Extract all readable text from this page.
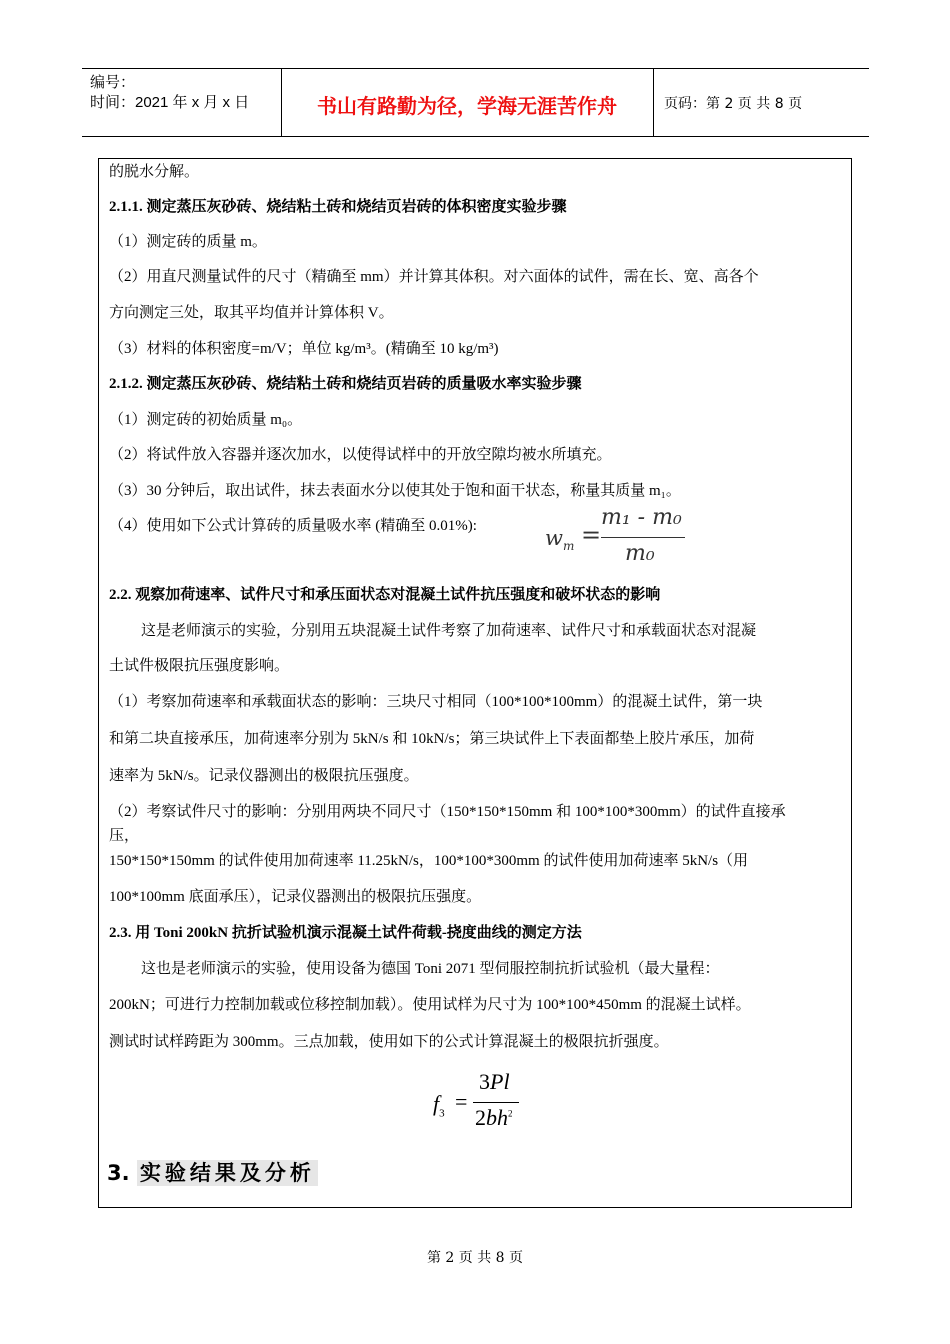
编号：
时间：2021 年 x 月 x 日	书山有路勤为径，学海无涯苦作舟	页码：第 2 页 共 8 页
的脱水分解。
2.1.1. 测定蒸压灰砂砖、烧结粘土砖和烧结页岩砖的体积密度实验步骤
（1）测定砖的质量 m。
（2）用直尺测量试件的尺寸（精确至 mm）并计算其体积。对六面体的试件，需在长、宽、高各个
方向测定三处，取其平均值并计算体积 V。
（3）材料的体积密度=m/V；单位 kg/m³。(精确至 10 kg/m³)
2.1.2. 测定蒸压灰砂砖、烧结粘土砖和烧结页岩砖的质量吸水率实验步骤
（1）测定砖的初始质量 m₀。
（2）将试件放入容器并逐次加水，以使得试样中的开放空隙均被水所填充。
（3）30 分钟后，取出试件，抹去表面水分以使其处于饱和面干状态，称量其质量 m₁。
（4）使用如下公式计算砖的质量吸水率 (精确至 0.01%):	$w_m$ =
m₁ - m₀
m₀
2.2. 观察加荷速率、试件尺寸和承压面状态对混凝土试件抗压强度和破坏状态的影响
这是老师演示的实验，分别用五块混凝土试件考察了加荷速率、试件尺寸和承载面状态对混凝
土试件极限抗压强度影响。
（1）考察加荷速率和承载面状态的影响：三块尺寸相同（100*100*100mm）的混凝土试件，第一块
和第二块直接承压，加荷速率分别为 5kN/s 和 10kN/s；第三块试件上下表面都垫上胶片承压，加荷
速率为 5kN/s。记录仪器测出的极限抗压强度。
（2）考察试件尺寸的影响：分别用两块不同尺寸（150*150*150mm 和 100*100*300mm）的试件直接承
压，
150*150*150mm 的试件使用加荷速率 11.25kN/s，100*100*300mm 的试件使用加荷速率 5kN/s（用
100*100mm 底面承压），记录仪器测出的极限抗压强度。
2.3. 用 Toni 200kN 抗折试验机演示混凝土试件荷载-挠度曲线的测定方法
这也是老师演示的实验，使用设备为德国 Toni 2071 型伺服控制抗折试验机（最大量程：
200kN；可进行力控制加载或位移控制加载）。使用试样为尺寸为 100*100*450mm 的混凝土试样。
测试时试样跨距为 300mm。三点加载，使用如下的公式计算混凝土的极限抗折强度。
$f_3$ =
3Pl
$2bh^2$
3. 实验结果及分析
第 2 页 共 8 页
